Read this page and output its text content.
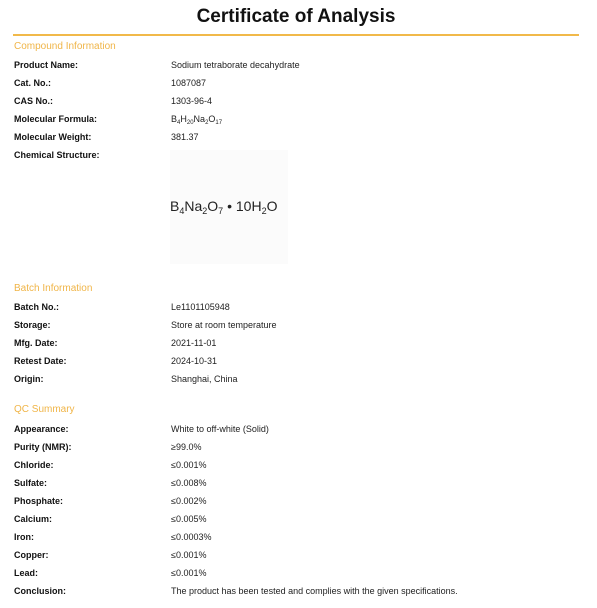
Certificate of Analysis
Compound Information
Product Name:	Sodium tetraborate decahydrate
Cat. No.:	1087087
CAS No.:	1303-96-4
Molecular Formula:	$B_4H_{20}Na_2O_{17}$
Molecular Weight:	381.37
Chemical Structure:
$B_4Na_2O_7$ • $10H_2O$
Batch Information
Batch No.:	Le1101105948
Storage:	Store at room temperature
Mfg. Date:	2021-11-01
Retest Date:	2024-10-31
Origin:	Shanghai, China
QC Summary
Appearance:	White to off-white (Solid)
Purity (NMR):	≥99.0%
Chloride:	≤0.001%
Sulfate:	≤0.008%
Phosphate:	≤0.002%
Calcium:	≤0.005%
Iron:	≤0.0003%
Copper:	≤0.001%
Lead:	≤0.001%
Conclusion:	The product has been tested and complies with the given specifications.
